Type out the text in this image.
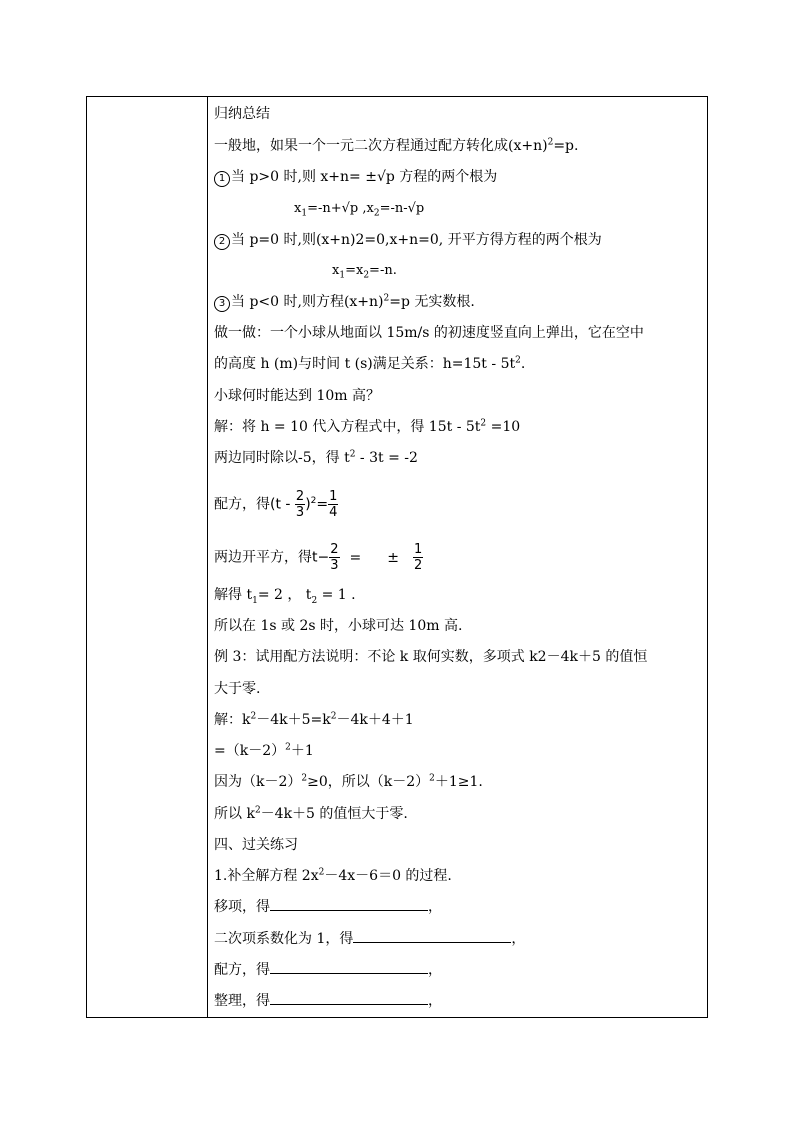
归纳总结
一般地，如果一个一元二次方程通过配方转化成$(x+n)^2=p$.
1 当 p>0 时,则 x+n= ±√p 方程的两个根为
$x_1=-n+√p$ $,x_2=-n-√p$
2 当 p=0 时,则(x+n)2=0,x+n=0, 开平方得方程的两个根为
$x_1=x_2=-n$.
3 当 p<0 时,则方程$(x+n)^2=p$ 无实数根.
做一做：一个小球从地面以 15m/s 的初速度竖直向上弹出，它在空中
的高度 h (m)与时间 t (s)满足关系：$h=15t - 5t^2$.
小球何时能达到 10m 高？
解：将 h = 10 代入方程式中，得 $15t - 5t^2 =10$
两边同时除以-5，得 $t^2 - 3t = -2$
配方，得$(t - \frac{2}{3} )^2= \frac{1}{4}$
两边开平方，得$t- \frac{2}{3}$ = ± $\frac{1}{2}$
解得 $t_1= 2$ ， $t_2 = 1$ .
所以在 1s 或 2s 时，小球可达 10m 高.
例 3：试用配方法说明：不论 k 取何实数，多项式 k2－4k＋5 的值恒
大于零.
解：$k^2-4k+5=k^2-4k+4+1$
$=(k-2)^2+1$
因为$(k-2)^2\ge 0$，所以$(k-2)^2+1\ge 1$.
所以 $k^2-4k+5$ 的值恒大于零.
四、过关练习
1.补全解方程 $2x^2-4x-6=0$ 的过程.
移项，得	，
二次项系数化为 1，得	，
配方，得	，
整理，得	，
